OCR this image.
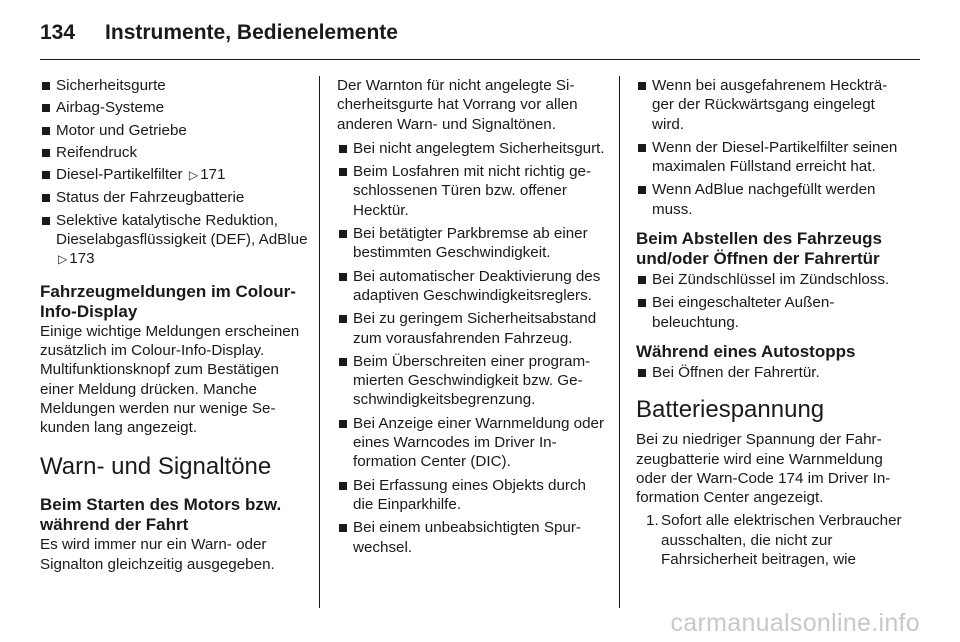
134 Instrumente, Bedienelemente
Sicherheitsgurte
Airbag-Systeme
Motor und Getriebe
Reifendruck
Diesel-Partikelfilter ▷ 171
Status der Fahrzeugbatterie
Selektive katalytische Reduktion, Dieselabgasflüssigkeit (DEF), AdBlue ▷ 173
Fahrzeugmeldungen im Colour-Info-Display

Einige wichtige Meldungen erscheinen zusätzlich im Colour-Info-Display. Multifunktionsknopf zum Bestätigen einer Meldung drücken. Manche Meldungen werden nur wenige Sekunden lang angezeigt.

Warn- und Signaltöne
Beim Starten des Motors bzw. während der Fahrt

Es wird immer nur ein Warn- oder Signalton gleichzeitig ausgegeben.

Der Warnton für nicht angelegte Sicherheitsgurte hat Vorrang vor allen anderen Warn- und Signaltönen.

Bei nicht angelegtem Sicherheitsgurt.
Beim Losfahren mit nicht richtig geschlossenen Türen bzw. offener Hecktür.
Bei betätigter Parkbremse ab einer bestimmten Geschwindigkeit.
Bei automatischer Deaktivierung des adaptiven Geschwindigkeitsreglers.
Bei zu geringem Sicherheitsabstand zum vorausfahrenden Fahrzeug.
Beim Überschreiten einer programmierten Geschwindigkeit bzw. Geschwindigkeitsbegrenzung.
Bei Anzeige einer Warnmeldung oder eines Warncodes im Driver Information Center (DIC).
Bei Erfassung eines Objekts durch die Einparkhilfe.
Bei einem unbeabsichtigten Spurwechsel.
Wenn bei ausgefahrenem Heckträger der Rückwärtsgang eingelegt wird.
Wenn der Diesel-Partikelfilter seinen maximalen Füllstand erreicht hat.
Wenn AdBlue nachgefüllt werden muss.
Beim Abstellen des Fahrzeugs und/oder Öffnen der Fahrertür
Bei Zündschlüssel im Zündschloss.
Bei eingeschalteter Außenbeleuchtung.
Während eines Autostopps
Bei Öffnen der Fahrertür.
Batteriespannung

Bei zu niedriger Spannung der Fahrzeugbatterie wird eine Warnmeldung oder der Warn-Code 174 im Driver Information Center angezeigt.

1. Sofort alle elektrischen Verbraucher ausschalten, die nicht zur Fahrsicherheit beitragen, wie
carmanualsonline.info
